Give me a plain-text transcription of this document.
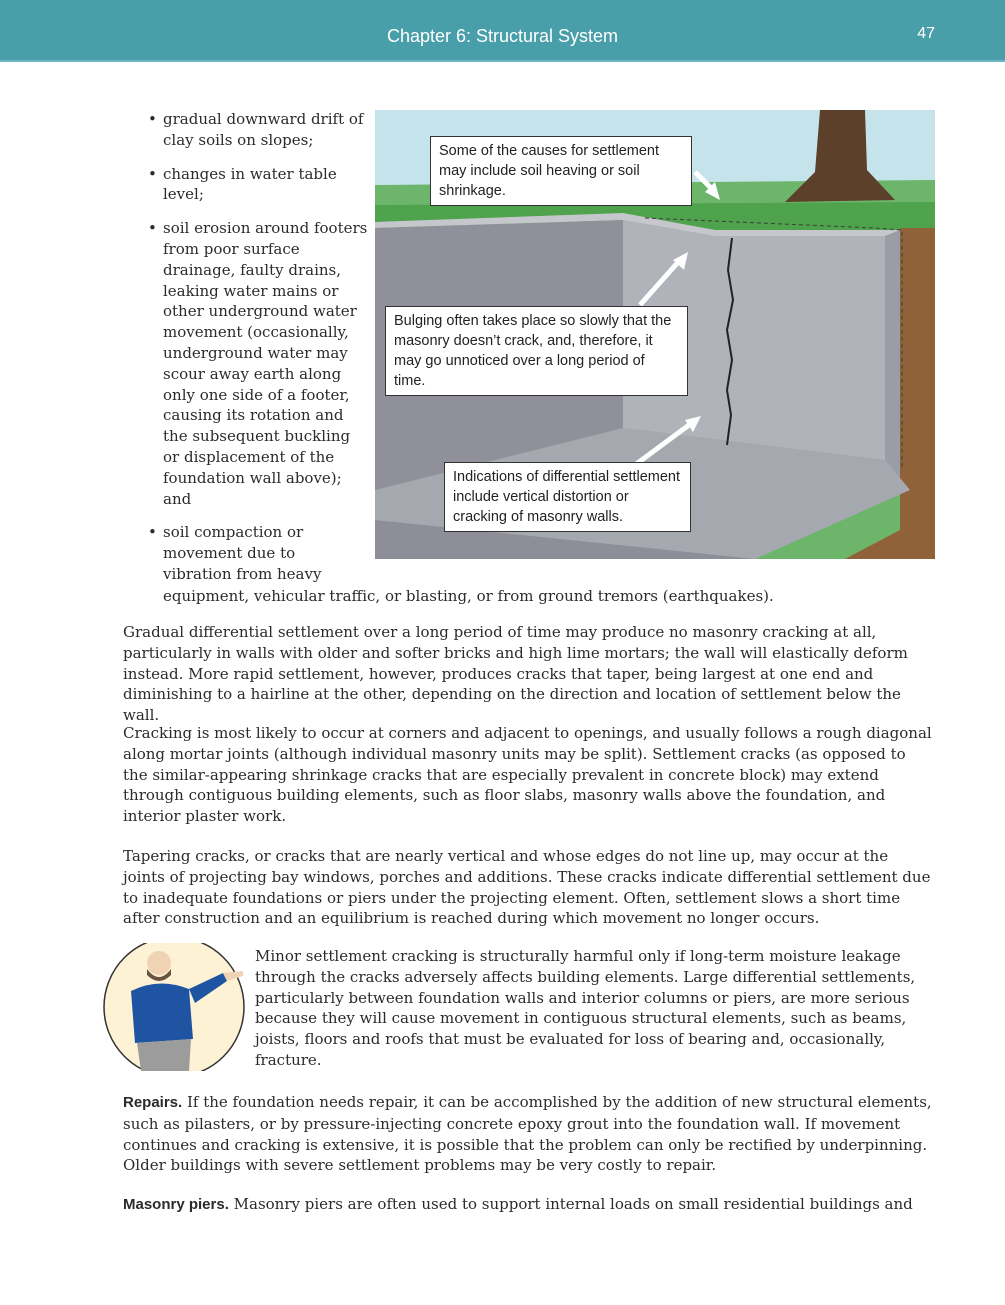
Chapter 6: Structural System	47
• gradual downward drift of clay soils on slopes;
• changes in water table level;
• soil erosion around footers from poor surface drainage, faulty drains, leaking water mains or other underground water movement (occasionally, underground water may scour away earth along only one side of a footer, causing its rotation and the subsequent buckling or displacement of the foundation wall above); and
• soil compaction or movement due to vibration from heavy
equipment, vehicular traffic, or blasting, or from ground tremors (earthquakes).
Some of the causes for settlement may include soil heaving or soil shrinkage.
Bulging often takes place so slowly that the masonry doesn’t crack, and, therefore, it may go unnoticed over a long period of time.
Indications of differential settlement include vertical distortion or cracking of masonry walls.
Gradual differential settlement over a long period of time may produce no masonry cracking at all, particularly in walls with older and softer bricks and high lime mortars; the wall will elastically deform instead. More rapid settlement, however, produces cracks that taper, being largest at one end and diminishing to a hairline at the other, depending on the direction and location of settlement below the wall.
Cracking is most likely to occur at corners and adjacent to openings, and usually follows a rough diagonal along mortar joints (although individual masonry units may be split). Settlement cracks (as opposed to the similar-appearing shrinkage cracks that are especially prevalent in concrete block) may extend through contiguous building elements, such as floor slabs, masonry walls above the foundation, and interior plaster work.
Tapering cracks, or cracks that are nearly vertical and whose edges do not line up, may occur at the joints of projecting bay windows, porches and additions. These cracks indicate differential settlement due to inadequate foundations or piers under the projecting element. Often, settlement slows a short time after construction and an equilibrium is reached during which movement no longer occurs.
Minor settlement cracking is structurally harmful only if long-term moisture leakage through the cracks adversely affects building elements. Large differential settlements, particularly between foundation walls and interior columns or piers, are more serious because they will cause movement in contiguous structural elements, such as beams, joists, floors and roofs that must be evaluated for loss of bearing and, occasionally, fracture.
Repairs. If the foundation needs repair, it can be accomplished by the addition of new structural elements, such as pilasters, or by pressure-injecting concrete epoxy grout into the foundation wall. If movement continues and cracking is extensive, it is possible that the problem can only be rectified by underpinning. Older buildings with severe settlement problems may be very costly to repair.
Masonry piers. Masonry piers are often used to support internal loads on small residential buildings and
